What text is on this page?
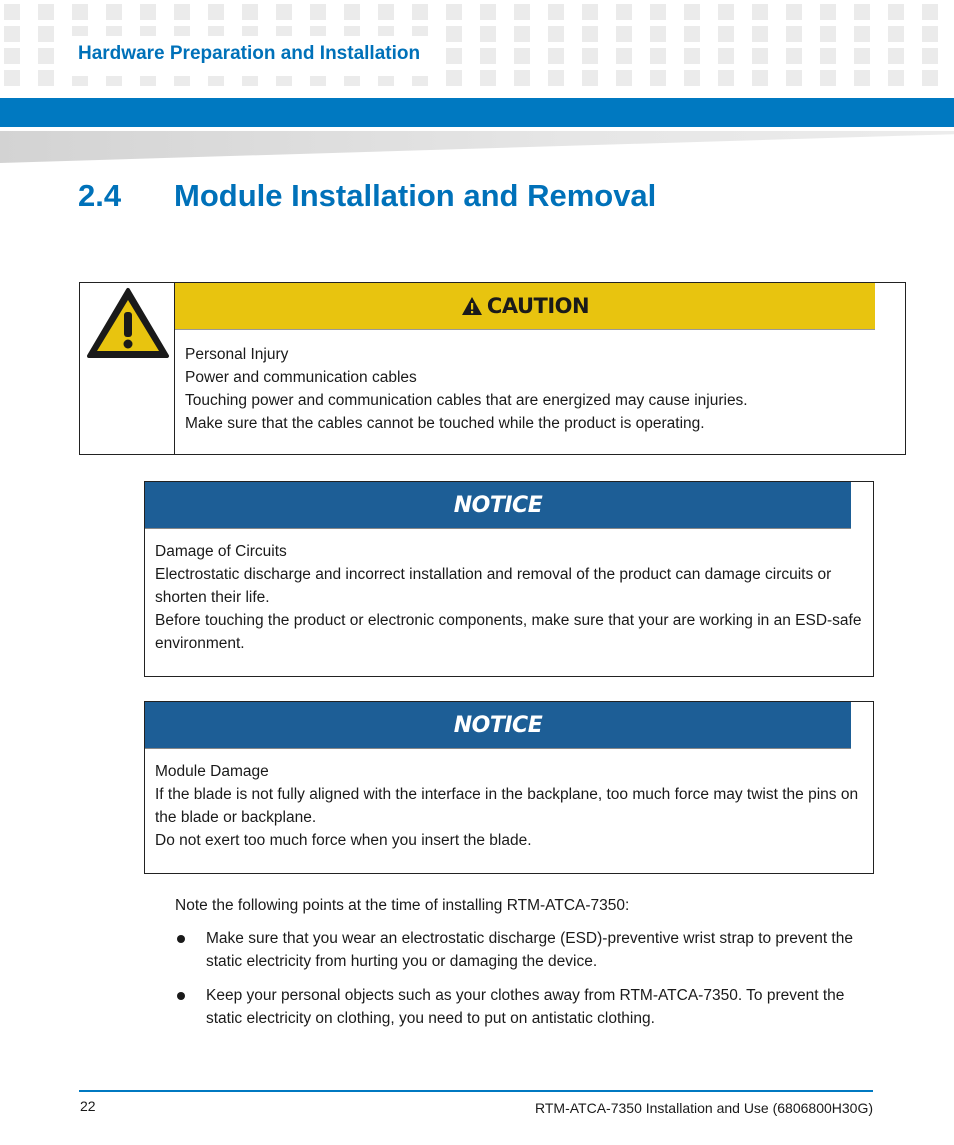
Hardware Preparation and Installation
2.4 Module Installation and Removal
CAUTION
Personal Injury
Power and communication cables
Touching power and communication cables that are energized may cause injuries.
Make sure that the cables cannot be touched while the product is operating.
NOTICE
Damage of Circuits
Electrostatic discharge and incorrect installation and removal of the product can damage circuits or shorten their life.
Before touching the product or electronic components, make sure that your are working in an ESD-safe environment.
NOTICE
Module Damage
If the blade is not fully aligned with the interface in the backplane, too much force may twist the pins on the blade or backplane.
Do not exert too much force when you insert the blade.
Note the following points at the time of installing RTM-ATCA-7350:
Make sure that you wear an electrostatic discharge (ESD)-preventive wrist strap to prevent the static electricity from hurting you or damaging the device.
Keep your personal objects such as your clothes away from RTM-ATCA-7350. To prevent the static electricity on clothing, you need to put on antistatic clothing.
22	RTM-ATCA-7350 Installation and Use (6806800H30G)
